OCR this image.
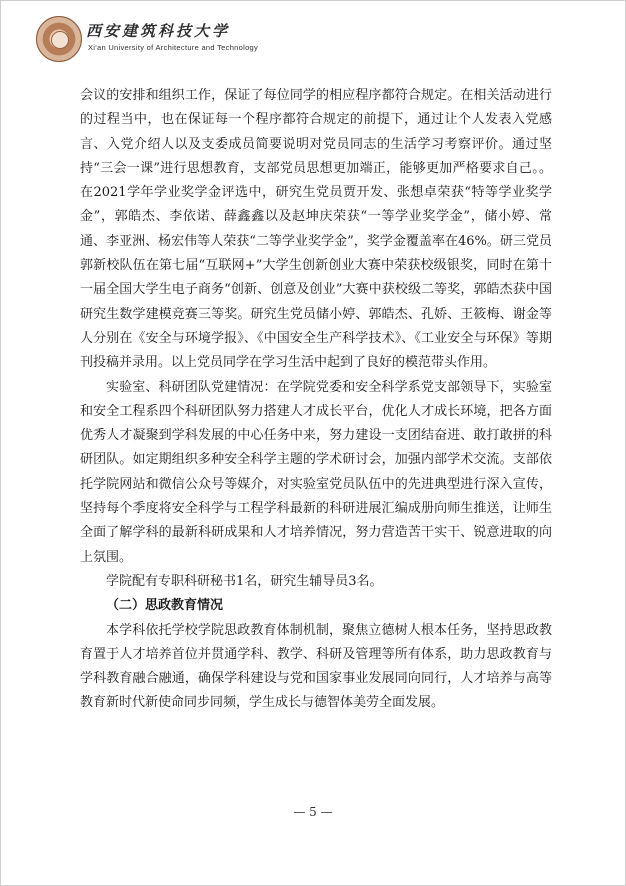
西安建筑科技大学
Xi'an University of Architecture and Technology

会议的安排和组织工作，保证了每位同学的相应程序都符合规定。在相关活动进行的过程当中，也在保证每一个程序都符合规定的前提下，通过让个人发表入党感言、入党介绍人以及支委成员简要说明对党员同志的生活学习考察评价。通过坚持“三会一课”进行思想教育，支部党员思想更加端正，能够更加严格要求自己。。在2021学年学业奖学金评选中，研究生党员贾开发、张想卓荣获“特等学业奖学金”，郭皓杰、李依诺、薛鑫鑫以及赵坤庆荣获“一等学业奖学金”，储小婷、常通、李亚洲、杨宏伟等人荣获“二等学业奖学金”，奖学金覆盖率在46%。研三党员郭新校队伍在第七届“互联网+”大学生创新创业大赛中荣获校级银奖，同时在第十一届全国大学生电子商务“创新、创意及创业”大赛中获校级二等奖，郭皓杰获中国研究生数学建模竞赛三等奖。研究生党员储小婷、郭皓杰、孔娇、王筱梅、谢金等人分别在《安全与环境学报》、《中国安全生产科学技术》、《工业安全与环保》等期刊投稿并录用。以上党员同学在学习生活中起到了良好的模范带头作用。

实验室、科研团队党建情况：在学院党委和安全科学系党支部领导下，实验室和安全工程系四个科研团队努力搭建人才成长平台，优化人才成长环境，把各方面优秀人才凝聚到学科发展的中心任务中来，努力建设一支团结奋进、敢打敢拼的科研团队。如定期组织多种安全科学主题的学术研讨会，加强内部学术交流。支部依托学院网站和微信公众号等媒介，对实验室党员队伍中的先进典型进行深入宣传，坚持每个季度将安全科学与工程学科最新的科研进展汇编成册向师生推送，让师生全面了解学科的最新科研成果和人才培养情况，努力营造苦干实干、锐意进取的向上氛围。

学院配有专职科研秘书1名，研究生辅导员3名。

（二）思政教育情况

本学科依托学校学院思政教育体制机制，聚焦立德树人根本任务，坚持思政教育置于人才培养首位并贯通学科、教学、科研及管理等所有体系，助力思政教育与学科教育融合融通，确保学科建设与党和国家事业发展同向同行，人才培养与高等教育新时代新使命同步同频，学生成长与德智体美劳全面发展。

— 5 —
